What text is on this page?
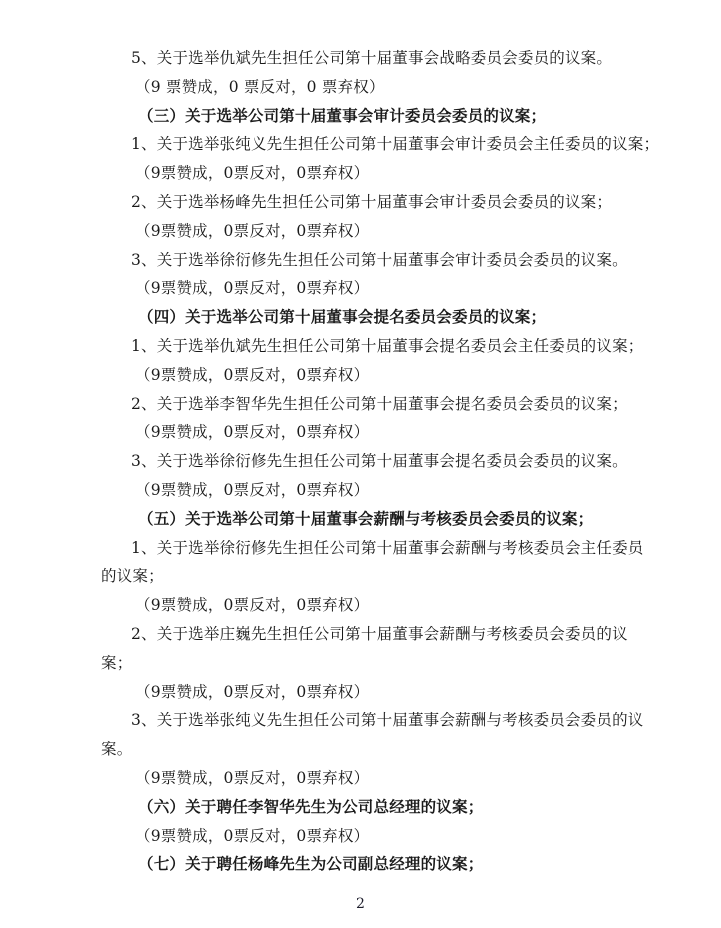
5、关于选举仇斌先生担任公司第十届董事会战略委员会委员的议案。
（9 票赞成，0 票反对，0 票弃权）
（三）关于选举公司第十届董事会审计委员会委员的议案；
1、关于选举张纯义先生担任公司第十届董事会审计委员会主任委员的议案；
（9票赞成，0票反对，0票弃权）
2、关于选举杨峰先生担任公司第十届董事会审计委员会委员的议案；
（9票赞成，0票反对，0票弃权）
3、关于选举徐衍修先生担任公司第十届董事会审计委员会委员的议案。
（9票赞成，0票反对，0票弃权）
（四）关于选举公司第十届董事会提名委员会委员的议案；
1、关于选举仇斌先生担任公司第十届董事会提名委员会主任委员的议案；
（9票赞成，0票反对，0票弃权）
2、关于选举李智华先生担任公司第十届董事会提名委员会委员的议案；
（9票赞成，0票反对，0票弃权）
3、关于选举徐衍修先生担任公司第十届董事会提名委员会委员的议案。
（9票赞成，0票反对，0票弃权）
（五）关于选举公司第十届董事会薪酬与考核委员会委员的议案；
1、关于选举徐衍修先生担任公司第十届董事会薪酬与考核委员会主任委员
的议案；
（9票赞成，0票反对，0票弃权）
2、关于选举庄巍先生担任公司第十届董事会薪酬与考核委员会委员的议
案；
（9票赞成，0票反对，0票弃权）
3、关于选举张纯义先生担任公司第十届董事会薪酬与考核委员会委员的议
案。
（9票赞成，0票反对，0票弃权）
（六）关于聘任李智华先生为公司总经理的议案；
（9票赞成，0票反对，0票弃权）
（七）关于聘任杨峰先生为公司副总经理的议案；
2
